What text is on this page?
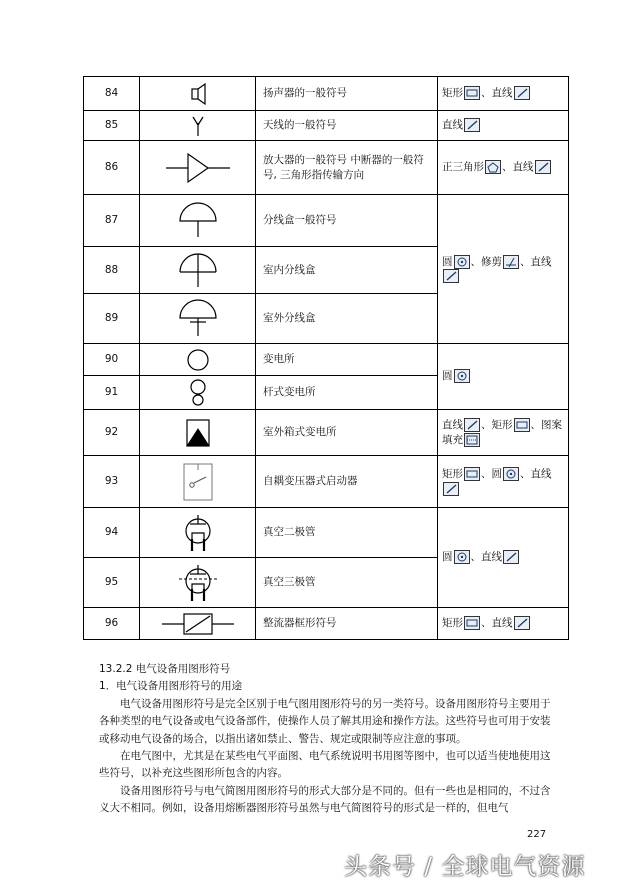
84		扬声器的一般符号	矩形 、直线

85		天线的一般符号	直线

86		放大器的一般符号 中断器的一般符号, 三角形指传输方向	正三角形 、直线

87		分线盒一般符号	圆 、修剪 、直线

88		室内分线盒	
89		室外分线盒	
90		变电所	圆

91		杆式变电所	
92		室外箱式变电所	直线 、矩形 、图案填充

93		自耦变压器式启动器	矩形 、圆 、直线

94		真空二极管	圆 、直线

95		真空三极管	
96		整流器框形符号	矩形 、直线

13.2.2 电气设备用图形符号

1．电气设备用图形符号的用途

电气设备用图形符号是完全区别于电气图用图形符号的另一类符号。设备用图形符号主要用于各种类型的电气设备或电气设备部件，使操作人员了解其用途和操作方法。这些符号也可用于安装或移动电气设备的场合，以指出诸如禁止、警告、规定或限制等应注意的事项。

在电气图中，尤其是在某些电气平面图、电气系统说明书用图等图中，也可以适当使地使用这些符号，以补充这些图形所包含的内容。

设备用图形符号与电气简图用图形符号的形式大部分是不同的。但有一些也是相同的，不过含义大不相同。例如，设备用熔断器图形符号虽然与电气简图符号的形式是一样的，但电气

227
头条号 / 全球电气资源
